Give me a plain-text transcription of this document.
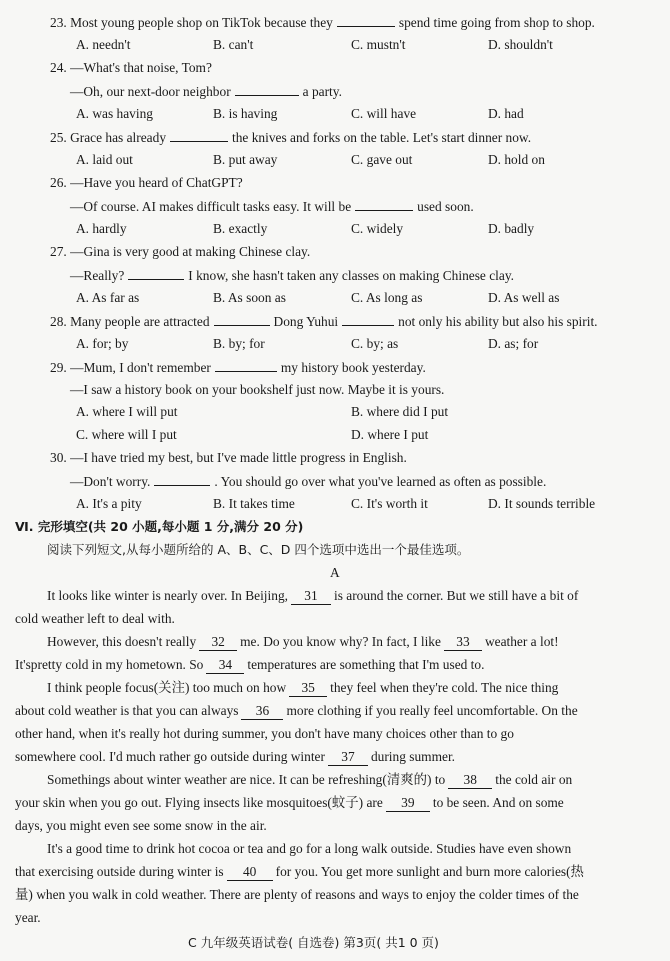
23. Most young people shop on TikTok because they	spend time going from shop to shop.
A. needn't	B. can't	C. mustn't	D. shouldn't
24. —What's that noise, Tom?
—Oh, our next-door neighbor	a party.
A. was having	B. is having	C. will have	D. had
25. Grace has already	the knives and forks on the table. Let's start dinner now.
A. laid out	B. put away	C. gave out	D. hold on
26. —Have you heard of ChatGPT?
—Of course. AI makes difficult tasks easy. It will be	used soon.
A. hardly	B. exactly	C. widely	D. badly
27. —Gina is very good at making Chinese clay.
—Really?	I know, she hasn't taken any classes on making Chinese clay.
A. As far as	B. As soon as	C. As long as	D. As well as
28. Many people are attracted	Dong Yuhui	not only his ability but also his spirit.
A. for; by	B. by; for	C. by; as	D. as; for
29. —Mum, I don't remember	my history book yesterday.
—I saw a history book on your bookshelf just now. Maybe it is yours.
A. where I will put	B. where did I put
C. where will I put	D. where I put
30. —I have tried my best, but I've made little progress in English.
—Don't worry.	. You should go over what you've learned as often as possible.
A. It's a pity	B. It takes time	C. It's worth it	D. It sounds terrible
Ⅵ. 完形填空(共 20 小题,每小题 1 分,满分 20 分)
阅读下列短文,从每小题所给的 A、B、C、D 四个选项中选出一个最佳选项。
A
It looks like winter is nearly over. In Beijing, 31 is around the corner. But we still have a bit of
cold weather left to deal with.
However, this doesn't really 32 me. Do you know why? In fact, I like 33 weather a lot!
It'spretty cold in my hometown. So 34 temperatures are something that I'm used to.
I think people focus(关注) too much on how 35 they feel when they're cold. The nice thing
about cold weather is that you can always 36 more clothing if you really feel uncomfortable. On the
other hand, when it's really hot during summer, you don't have many choices other than to go
somewhere cool. I'd much rather go outside during winter 37 during summer.
Somethings about winter weather are nice. It can be refreshing(清爽的) to 38 the cold air on
your skin when you go out. Flying insects like mosquitoes(蚊子) are 39 to be seen. And on some
days, you might even see some snow in the air.
It's a good time to drink hot cocoa or tea and go for a long walk outside. Studies have even shown
that exercising outside during winter is 40 for you. You get more sunlight and burn more calories(热
量) when you walk in cold weather. There are plenty of reasons and ways to enjoy the colder times of the
year.
C 九年级英语试卷( 自选卷) 第3页( 共1 0 页)
